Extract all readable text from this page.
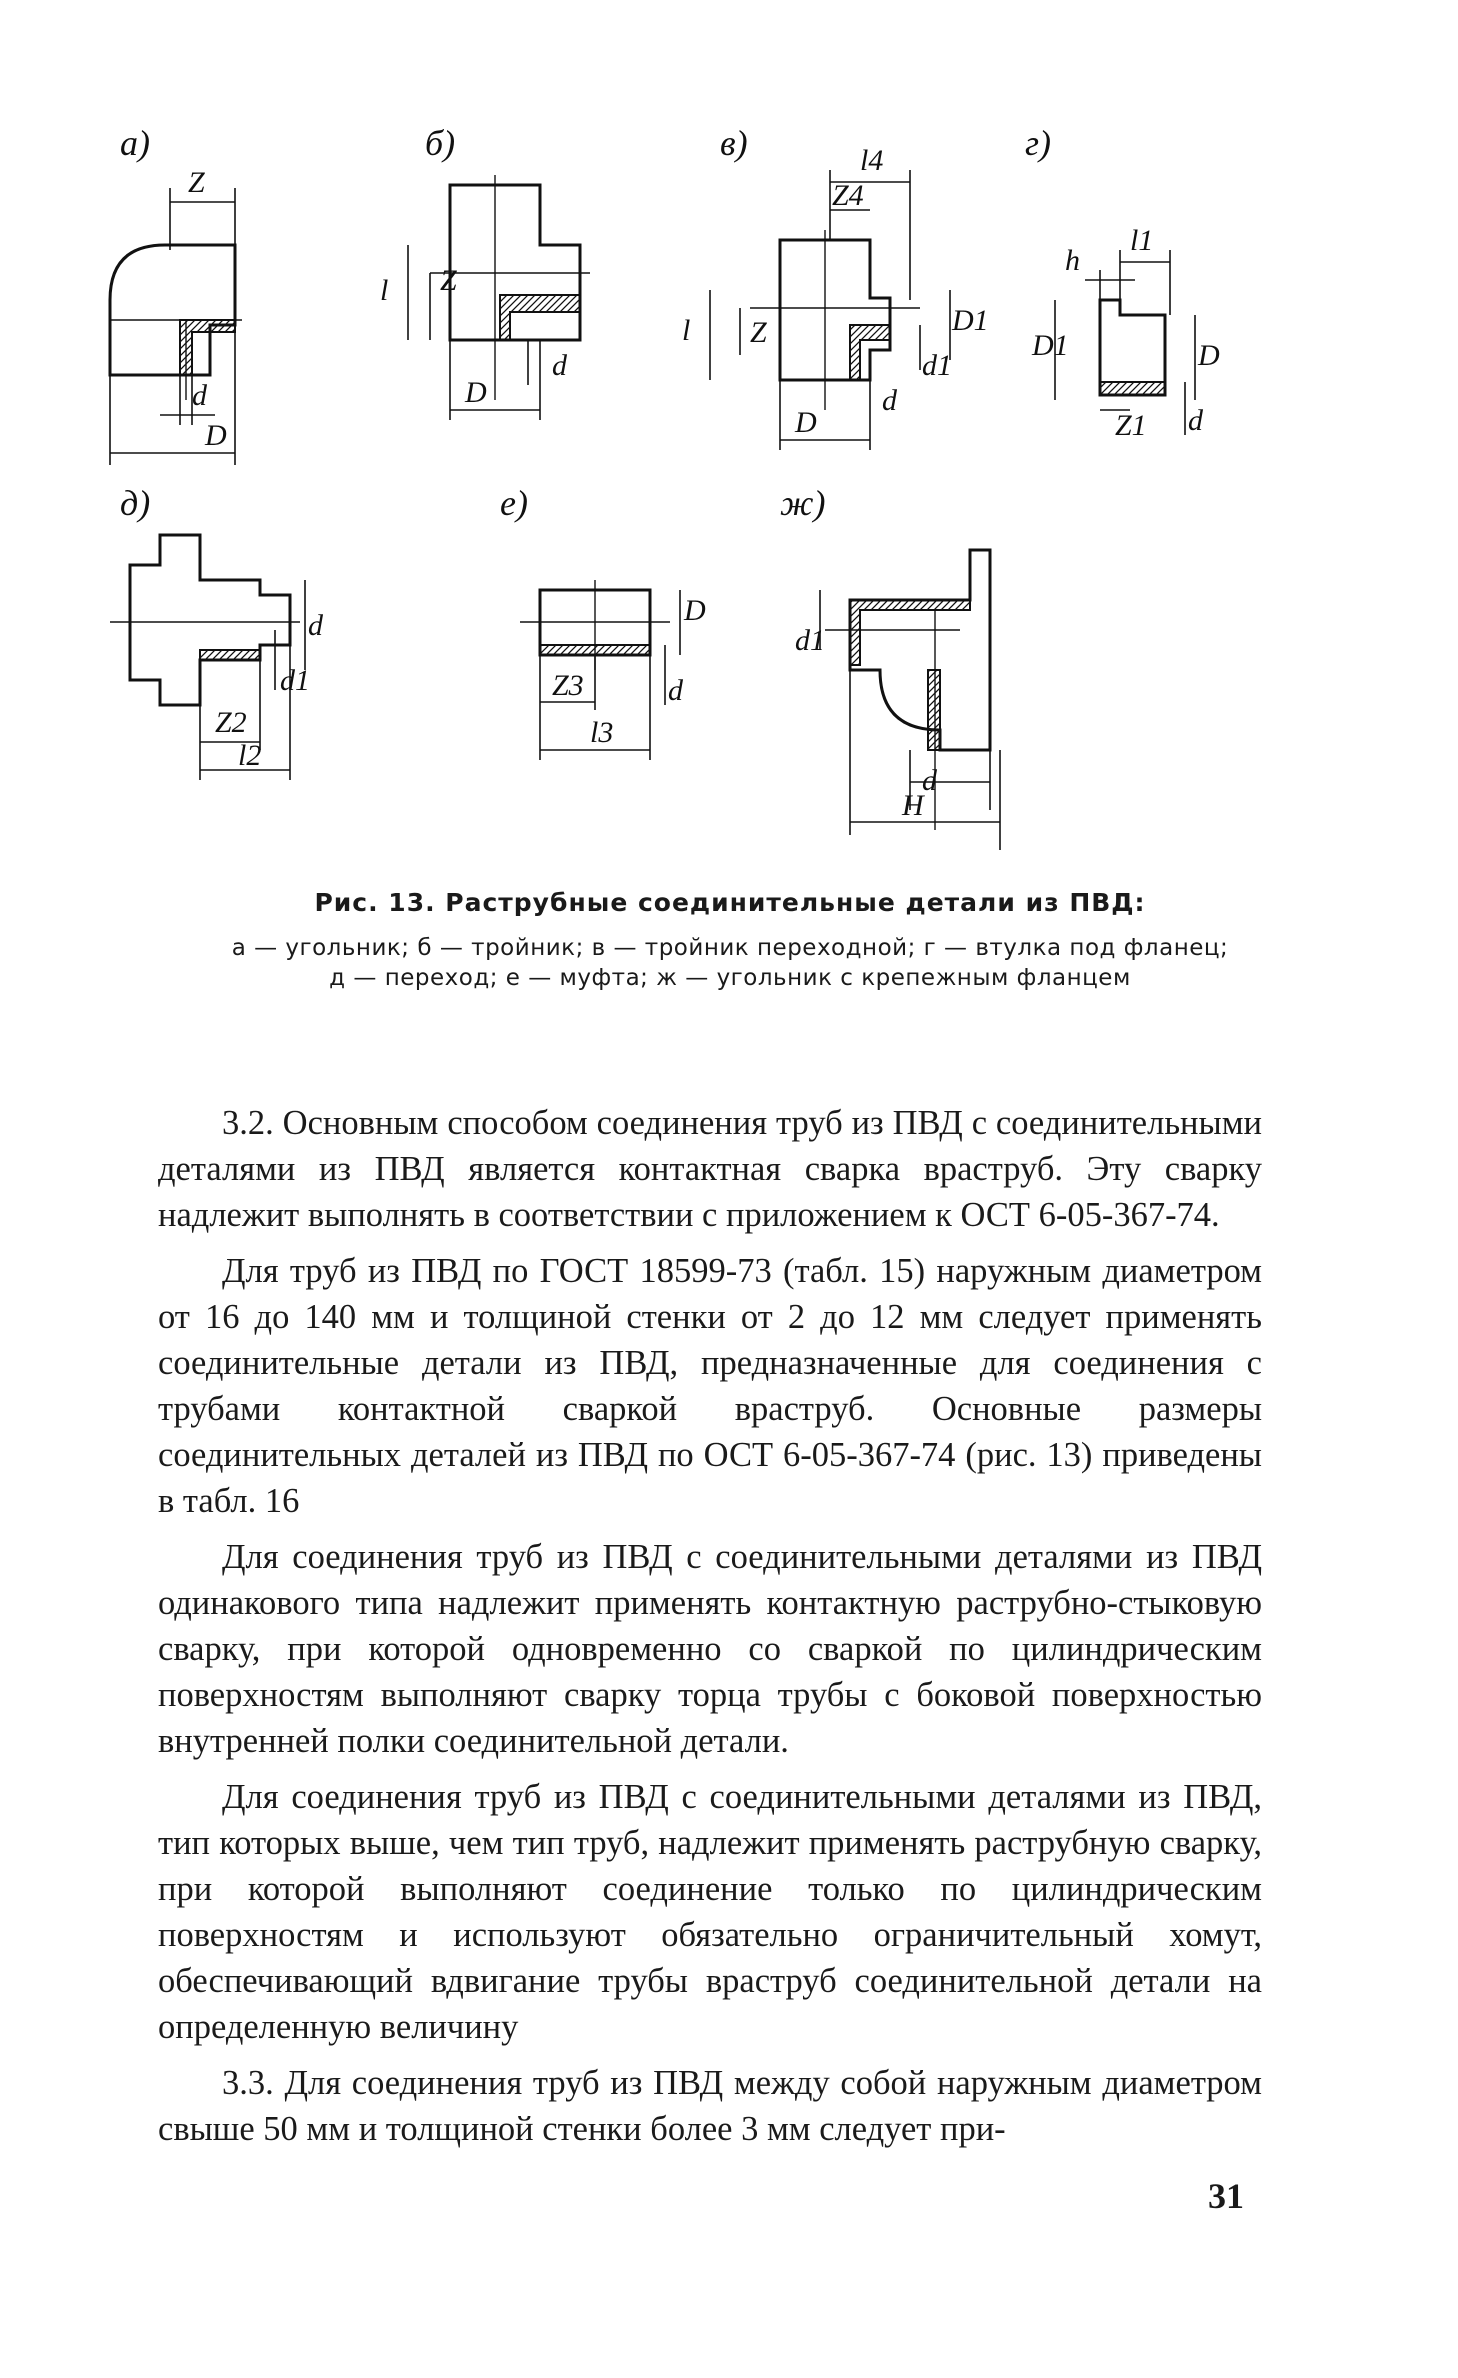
а)	б)	в)	г)
д)	е)	ж)
Z
d
D
l Z
D
d
l4
Z4
l Z	D1
d1
D
d
l1
h
D1	D
d
Z1
d
d1
Z2
l2
D
d
Z3
l3
d1
d
H
Рис. 13. Раструбные соединительные детали из ПВД:
а — угольник; б — тройник; в — тройник переходной; г — втулка под фланец;
д — переход; е — муфта; ж — угольник с крепежным фланцем

3.2. Основным способом соединения труб из ПВД с соединительными деталями из ПВД является контактная сварка враструб. Эту сварку надлежит выполнять в соответствии с приложением к ОСТ 6-05-367-74.

Для труб из ПВД по ГОСТ 18599-73 (табл. 15) наружным диаметром от 16 до 140 мм и толщиной стенки от 2 до 12 мм следует применять соединительные детали из ПВД, предназначенные для соединения с трубами контактной сваркой враструб. Основные размеры соединительных деталей из ПВД по ОСТ 6-05-367-74 (рис. 13) приведены в табл. 16

Для соединения труб из ПВД с соединительными деталями из ПВД одинакового типа надлежит применять контактную раструбно-стыковую сварку, при которой одновременно со сваркой по цилиндрическим поверхностям выполняют сварку торца трубы с боковой поверхностью внутренней полки соединительной детали.

Для соединения труб из ПВД с соединительными деталями из ПВД, тип которых выше, чем тип труб, надлежит применять раструбную сварку, при которой выполняют соединение только по цилиндрическим поверхностям и используют обязательно ограничительный хомут, обеспечивающий вдвигание трубы враструб соединительной детали на определенную величину

3.3. Для соединения труб из ПВД между собой наружным диаметром свыше 50 мм и толщиной стенки более 3 мм следует при-

31
